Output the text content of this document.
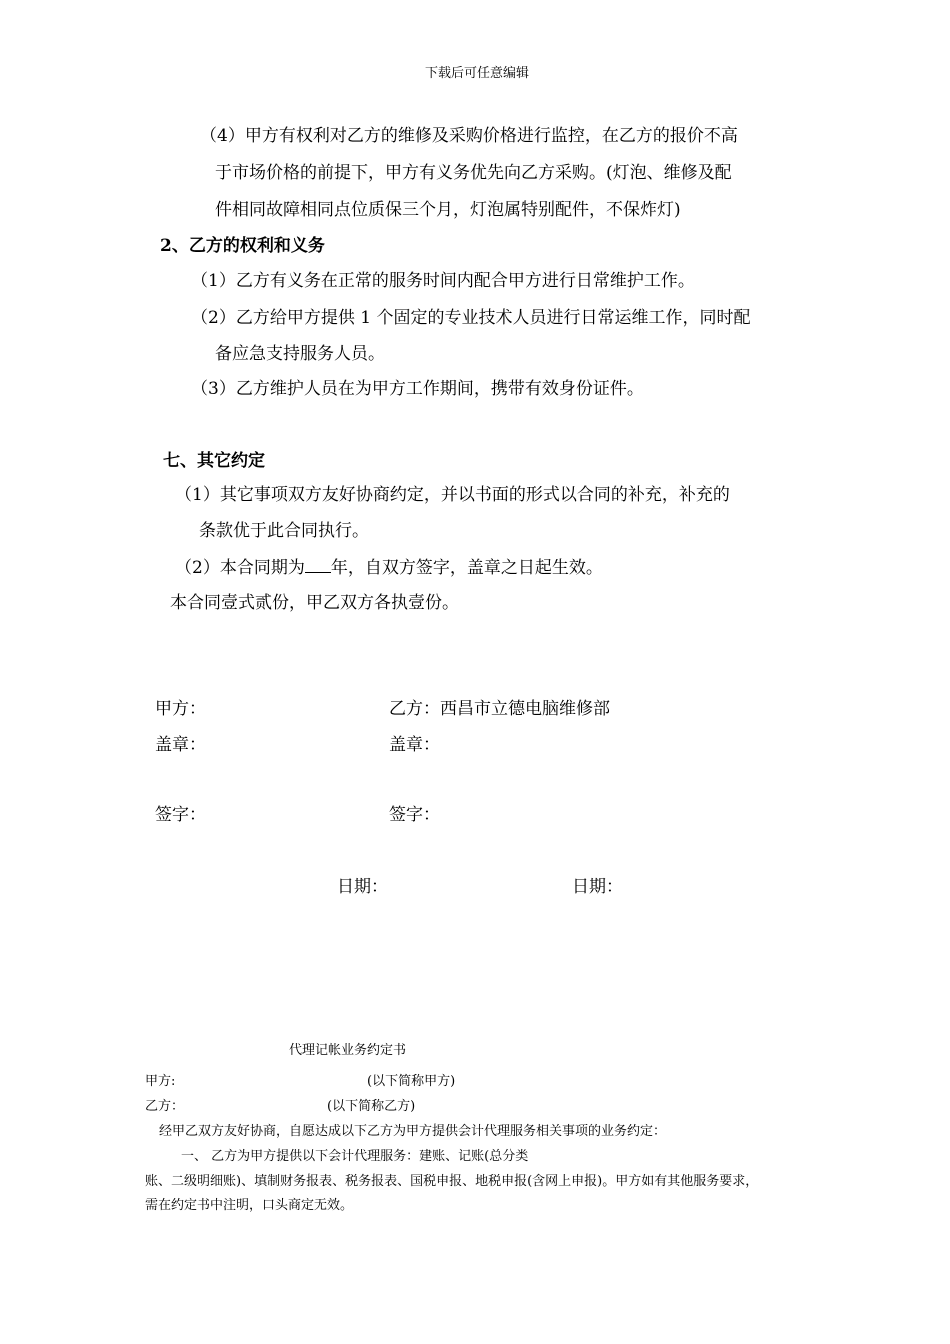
下载后可任意编辑
（4）甲方有权利对乙方的维修及采购价格进行监控，在乙方的报价不高
于市场价格的前提下，甲方有义务优先向乙方采购。(灯泡、维修及配
件相同故障相同点位质保三个月，灯泡属特别配件，不保炸灯)
2、乙方的权利和义务
（1）乙方有义务在正常的服务时间内配合甲方进行日常维护工作。
（2）乙方给甲方提供 1 个固定的专业技术人员进行日常运维工作，同时配
备应急支持服务人员。
（3）乙方维护人员在为甲方工作期间，携带有效身份证件。
七、其它约定
（1）其它事项双方友好协商约定，并以书面的形式以合同的补充，补充的
条款优于此合同执行。
（2）本合同期为 年，自双方签字，盖章之日起生效。
本合同壹式贰份，甲乙双方各执壹份。
甲方：	乙方：西昌市立德电脑维修部
盖章：	盖章：
签字：	签字：
日期：	日期：
代理记帐业务约定书
甲方:	(以下简称甲方)
乙方：	(以下简称乙方)
经甲乙双方友好协商，自愿达成以下乙方为甲方提供会计代理服务相关事项的业务约定：
一、 乙方为甲方提供以下会计代理服务：建账、记账(总分类
账、二级明细账)、填制财务报表、税务报表、国税申报、地税申报(含网上申报)。甲方如有其他服务要求，
需在约定书中注明，口头商定无效。
